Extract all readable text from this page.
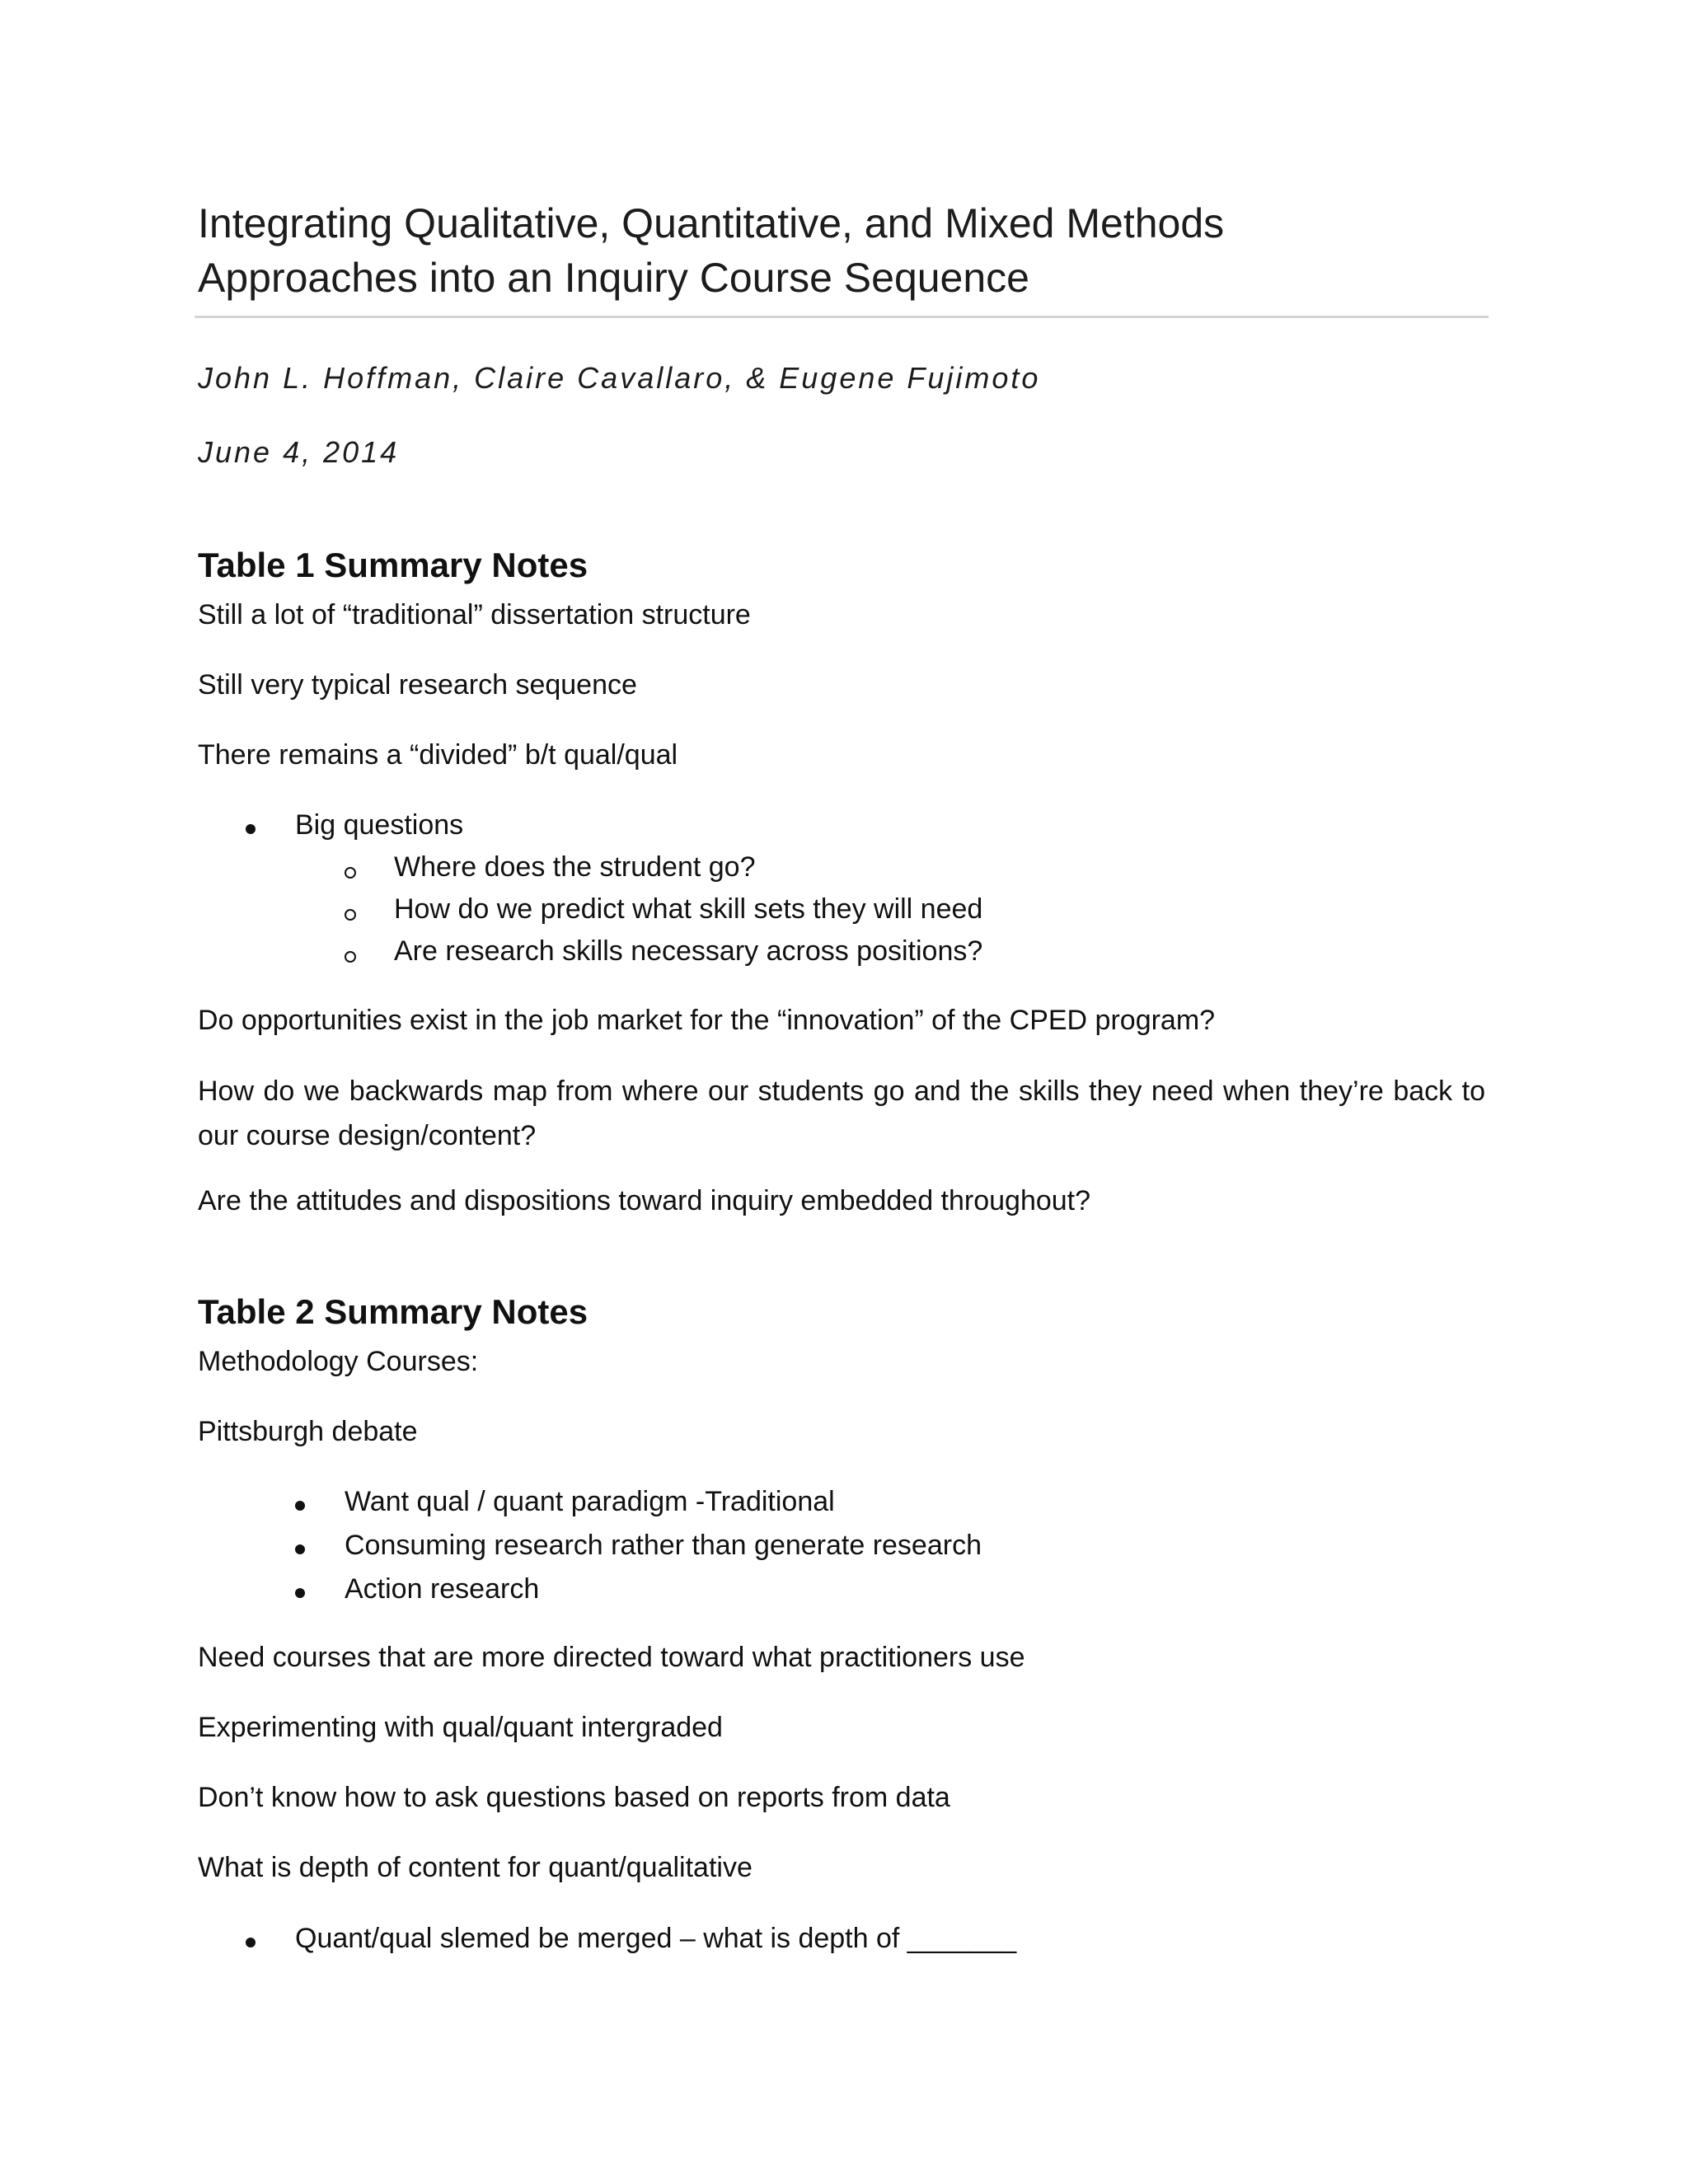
Integrating Qualitative, Quantitative, and Mixed Methods
Approaches into an Inquiry Course Sequence
John L. Hoffman, Claire Cavallaro, & Eugene Fujimoto
June 4, 2014
Table 1 Summary Notes
Still a lot of “traditional” dissertation structure
Still very typical research sequence
There remains a “divided” b/t qual/qual
Big questions
Where does the strudent go?
How do we predict what skill sets they will need
Are research skills necessary across positions?
Do opportunities exist in the job market for the “innovation” of the CPED program?
How do we backwards map from where our students go and the skills they need when they’re back to our course design/content?
Are the attitudes and dispositions toward inquiry embedded throughout?
Table 2 Summary Notes
Methodology Courses:
Pittsburgh debate
Want qual / quant paradigm -Traditional
Consuming research rather than generate research
Action research
Need courses that are more directed toward what practitioners use
Experimenting with qual/quant intergraded
Don’t know how to ask questions based on reports from data
What is depth of content for quant/qualitative
Quant/qual slemed be merged – what is depth of _______
